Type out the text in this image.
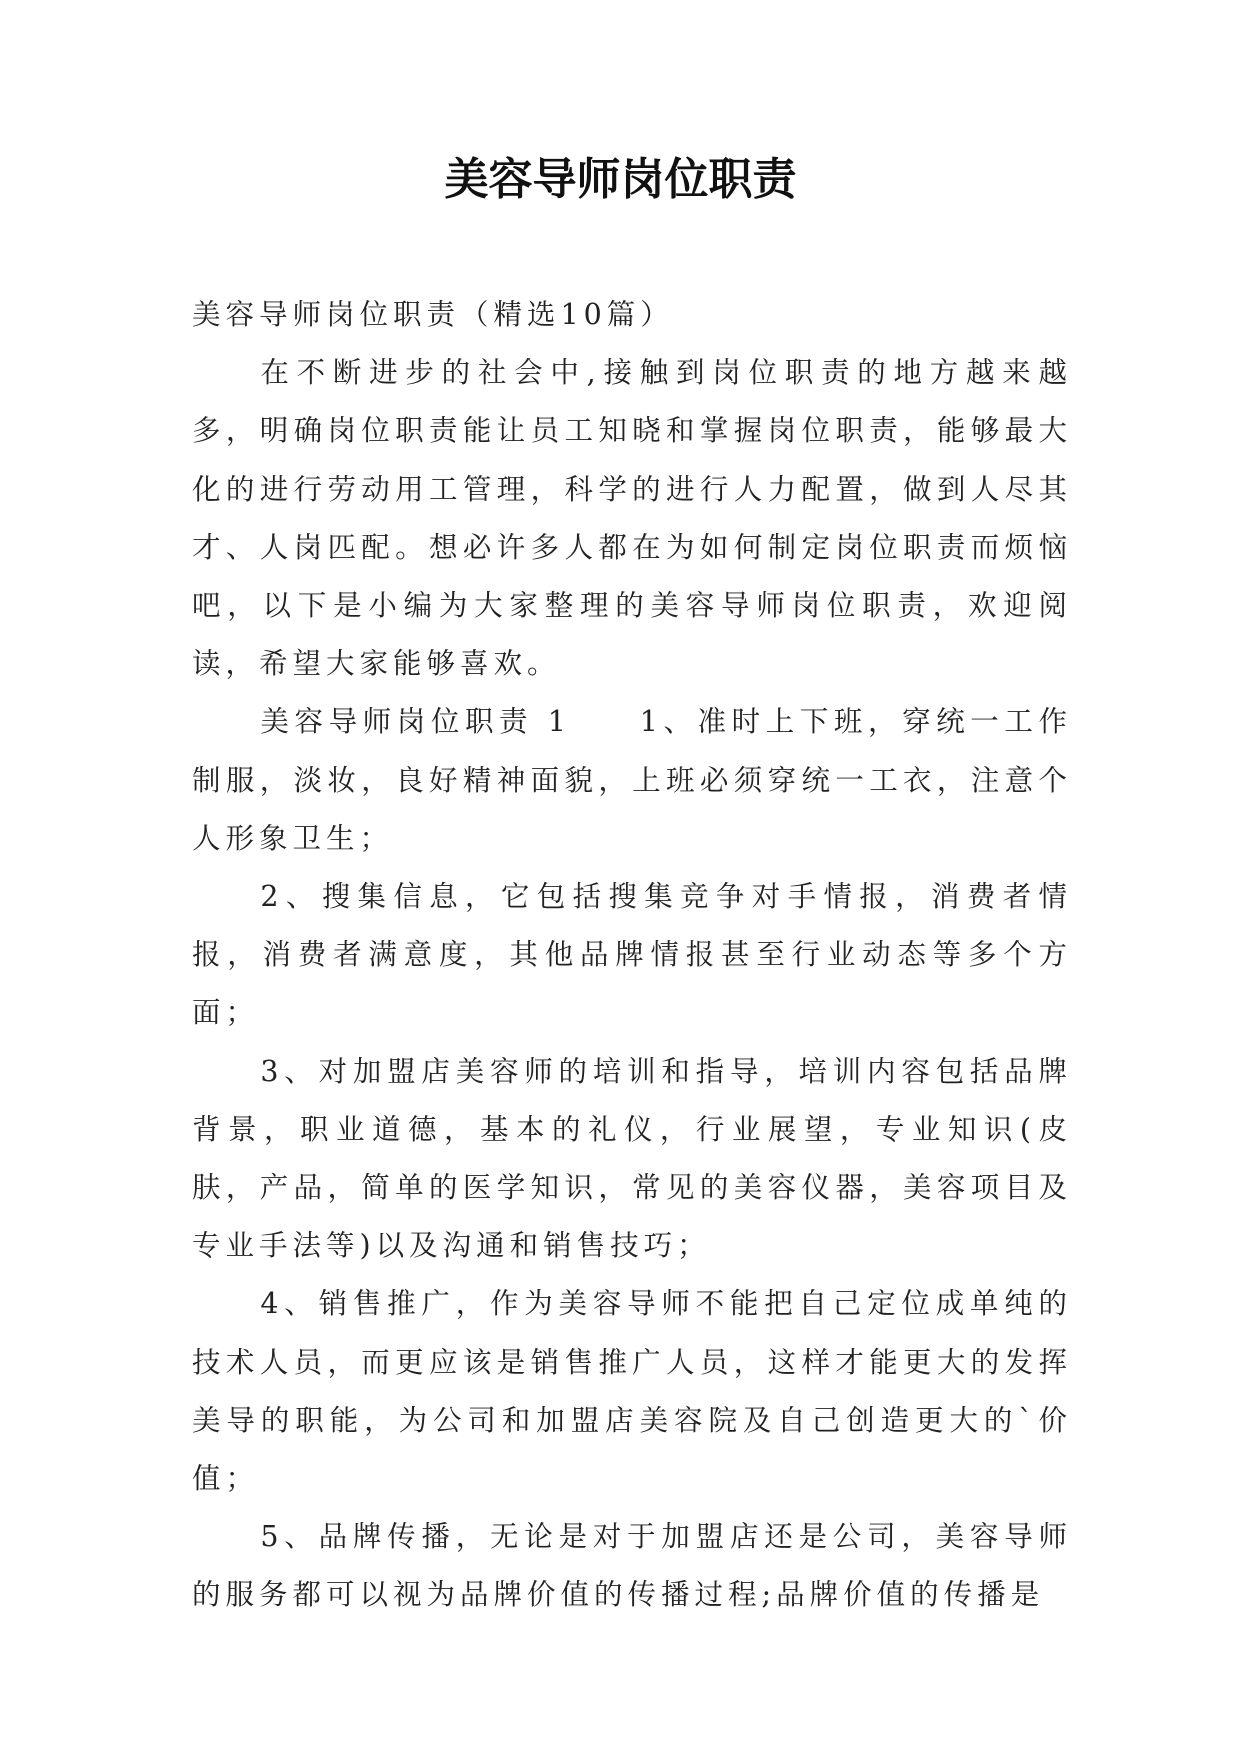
美容导师岗位职责

美容导师岗位职责（精选10篇）

在不断进步的社会中,接触到岗位职责的地方越来越多，明确岗位职责能让员工知晓和掌握岗位职责，能够最大化的进行劳动用工管理，科学的进行人力配置，做到人尽其才、人岗匹配。想必许多人都在为如何制定岗位职责而烦恼吧，以下是小编为大家整理的美容导师岗位职责，欢迎阅读，希望大家能够喜欢。

美容导师岗位职责 1　　1、准时上下班，穿统一工作制服，淡妆，良好精神面貌，上班必须穿统一工衣，注意个人形象卫生；

2、搜集信息，它包括搜集竞争对手情报，消费者情报，消费者满意度，其他品牌情报甚至行业动态等多个方面；

3、对加盟店美容师的培训和指导，培训内容包括品牌背景，职业道德，基本的礼仪，行业展望，专业知识(皮肤，产品，简单的医学知识，常见的美容仪器，美容项目及专业手法等)以及沟通和销售技巧；

4、销售推广，作为美容导师不能把自己定位成单纯的技术人员，而更应该是销售推广人员，这样才能更大的发挥美导的职能，为公司和加盟店美容院及自己创造更大的`价值；

5、品牌传播，无论是对于加盟店还是公司，美容导师的服务都可以视为品牌价值的传播过程;品牌价值的传播是
